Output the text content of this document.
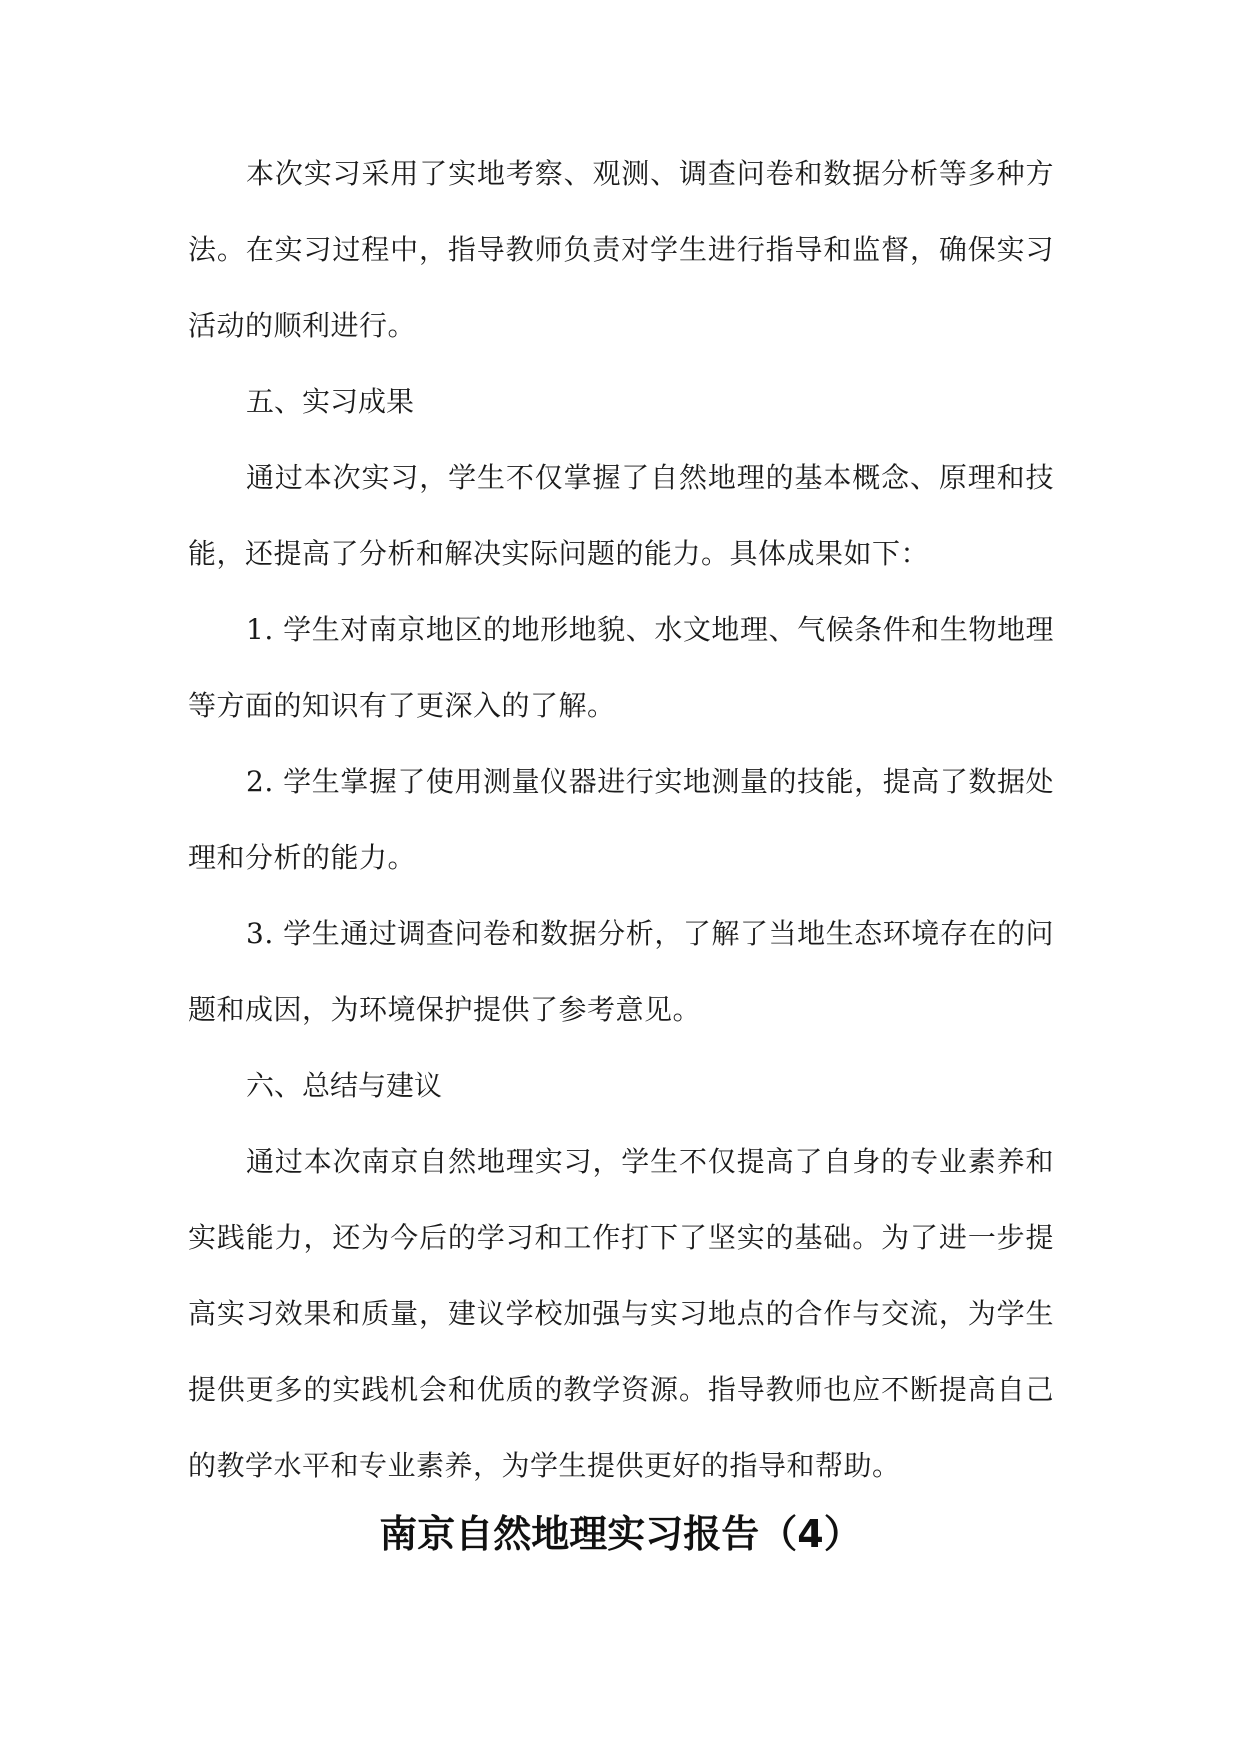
本次实习采用了实地考察、观测、调查问卷和数据分析等多种方法。在实习过程中，指导教师负责对学生进行指导和监督，确保实习活动的顺利进行。

五、实习成果

通过本次实习，学生不仅掌握了自然地理的基本概念、原理和技能，还提高了分析和解决实际问题的能力。具体成果如下：

1. 学生对南京地区的地形地貌、水文地理、气候条件和生物地理等方面的知识有了更深入的了解。

2. 学生掌握了使用测量仪器进行实地测量的技能，提高了数据处理和分析的能力。

3. 学生通过调查问卷和数据分析，了解了当地生态环境存在的问题和成因，为环境保护提供了参考意见。

六、总结与建议

通过本次南京自然地理实习，学生不仅提高了自身的专业素养和实践能力，还为今后的学习和工作打下了坚实的基础。为了进一步提高实习效果和质量，建议学校加强与实习地点的合作与交流，为学生提供更多的实践机会和优质的教学资源。指导教师也应不断提高自己的教学水平和专业素养，为学生提供更好的指导和帮助。

南京自然地理实习报告（4）
